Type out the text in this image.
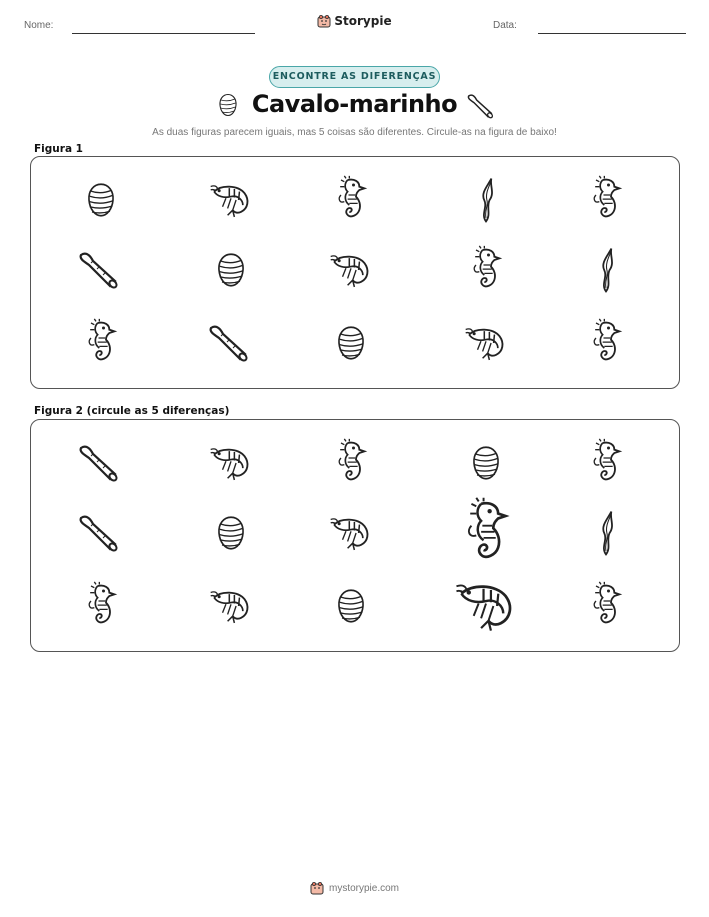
Nome:	Storypie	Data:
ENCONTRE AS DIFERENÇAS
Cavalo-marinho
As duas figuras parecem iguais, mas 5 coisas são diferentes. Circule-as na figura de baixo!
Figura 1
Figura 2 (circule as 5 diferenças)
mystorypie.com
